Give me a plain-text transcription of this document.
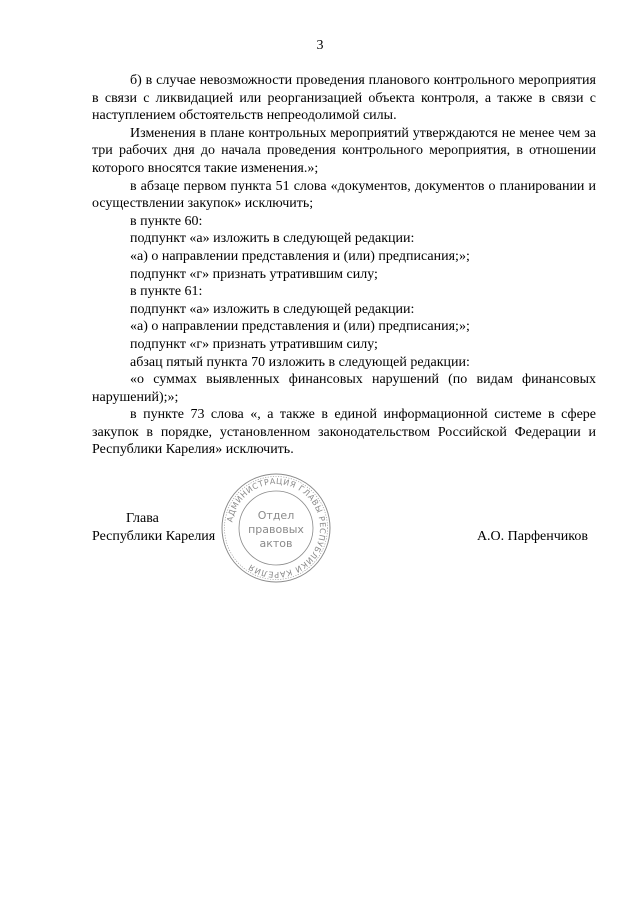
3

б) в случае невозможности проведения планового контрольного мероприятия в связи с ликвидацией или реорганизацией объекта контроля, а также в связи с наступлением обстоятельств непреодолимой силы.

Изменения в плане контрольных мероприятий утверждаются не менее чем за три рабочих дня до начала проведения контрольного мероприятия, в отношении которого вносятся такие изменения.»;

в абзаце первом пункта 51 слова «документов, документов о планировании и осуществлении закупок» исключить;

в пункте 60:

подпункт «а» изложить в следующей редакции:

«а) о направлении представления и (или) предписания;»;

подпункт «г» признать утратившим силу;

в пункте 61:

подпункт «а» изложить в следующей редакции:

«а) о направлении представления и (или) предписания;»;

подпункт «г» признать утратившим силу;

абзац пятый пункта 70 изложить в следующей редакции:

«о суммах выявленных финансовых нарушений (по видам финансовых нарушений);»;

в пункте 73 слова «, а также в единой информационной системе в сфере закупок в порядке, установленном законодательством Российской Федерации и Республики Карелия» исключить.

Глава
Республики Карелия	А.О. Парфенчиков
АДМИНИСТРАЦИЯ ГЛАВЫ РЕСПУБЛИКИ КАРЕЛИЯ
Отдел
правовых
актов
